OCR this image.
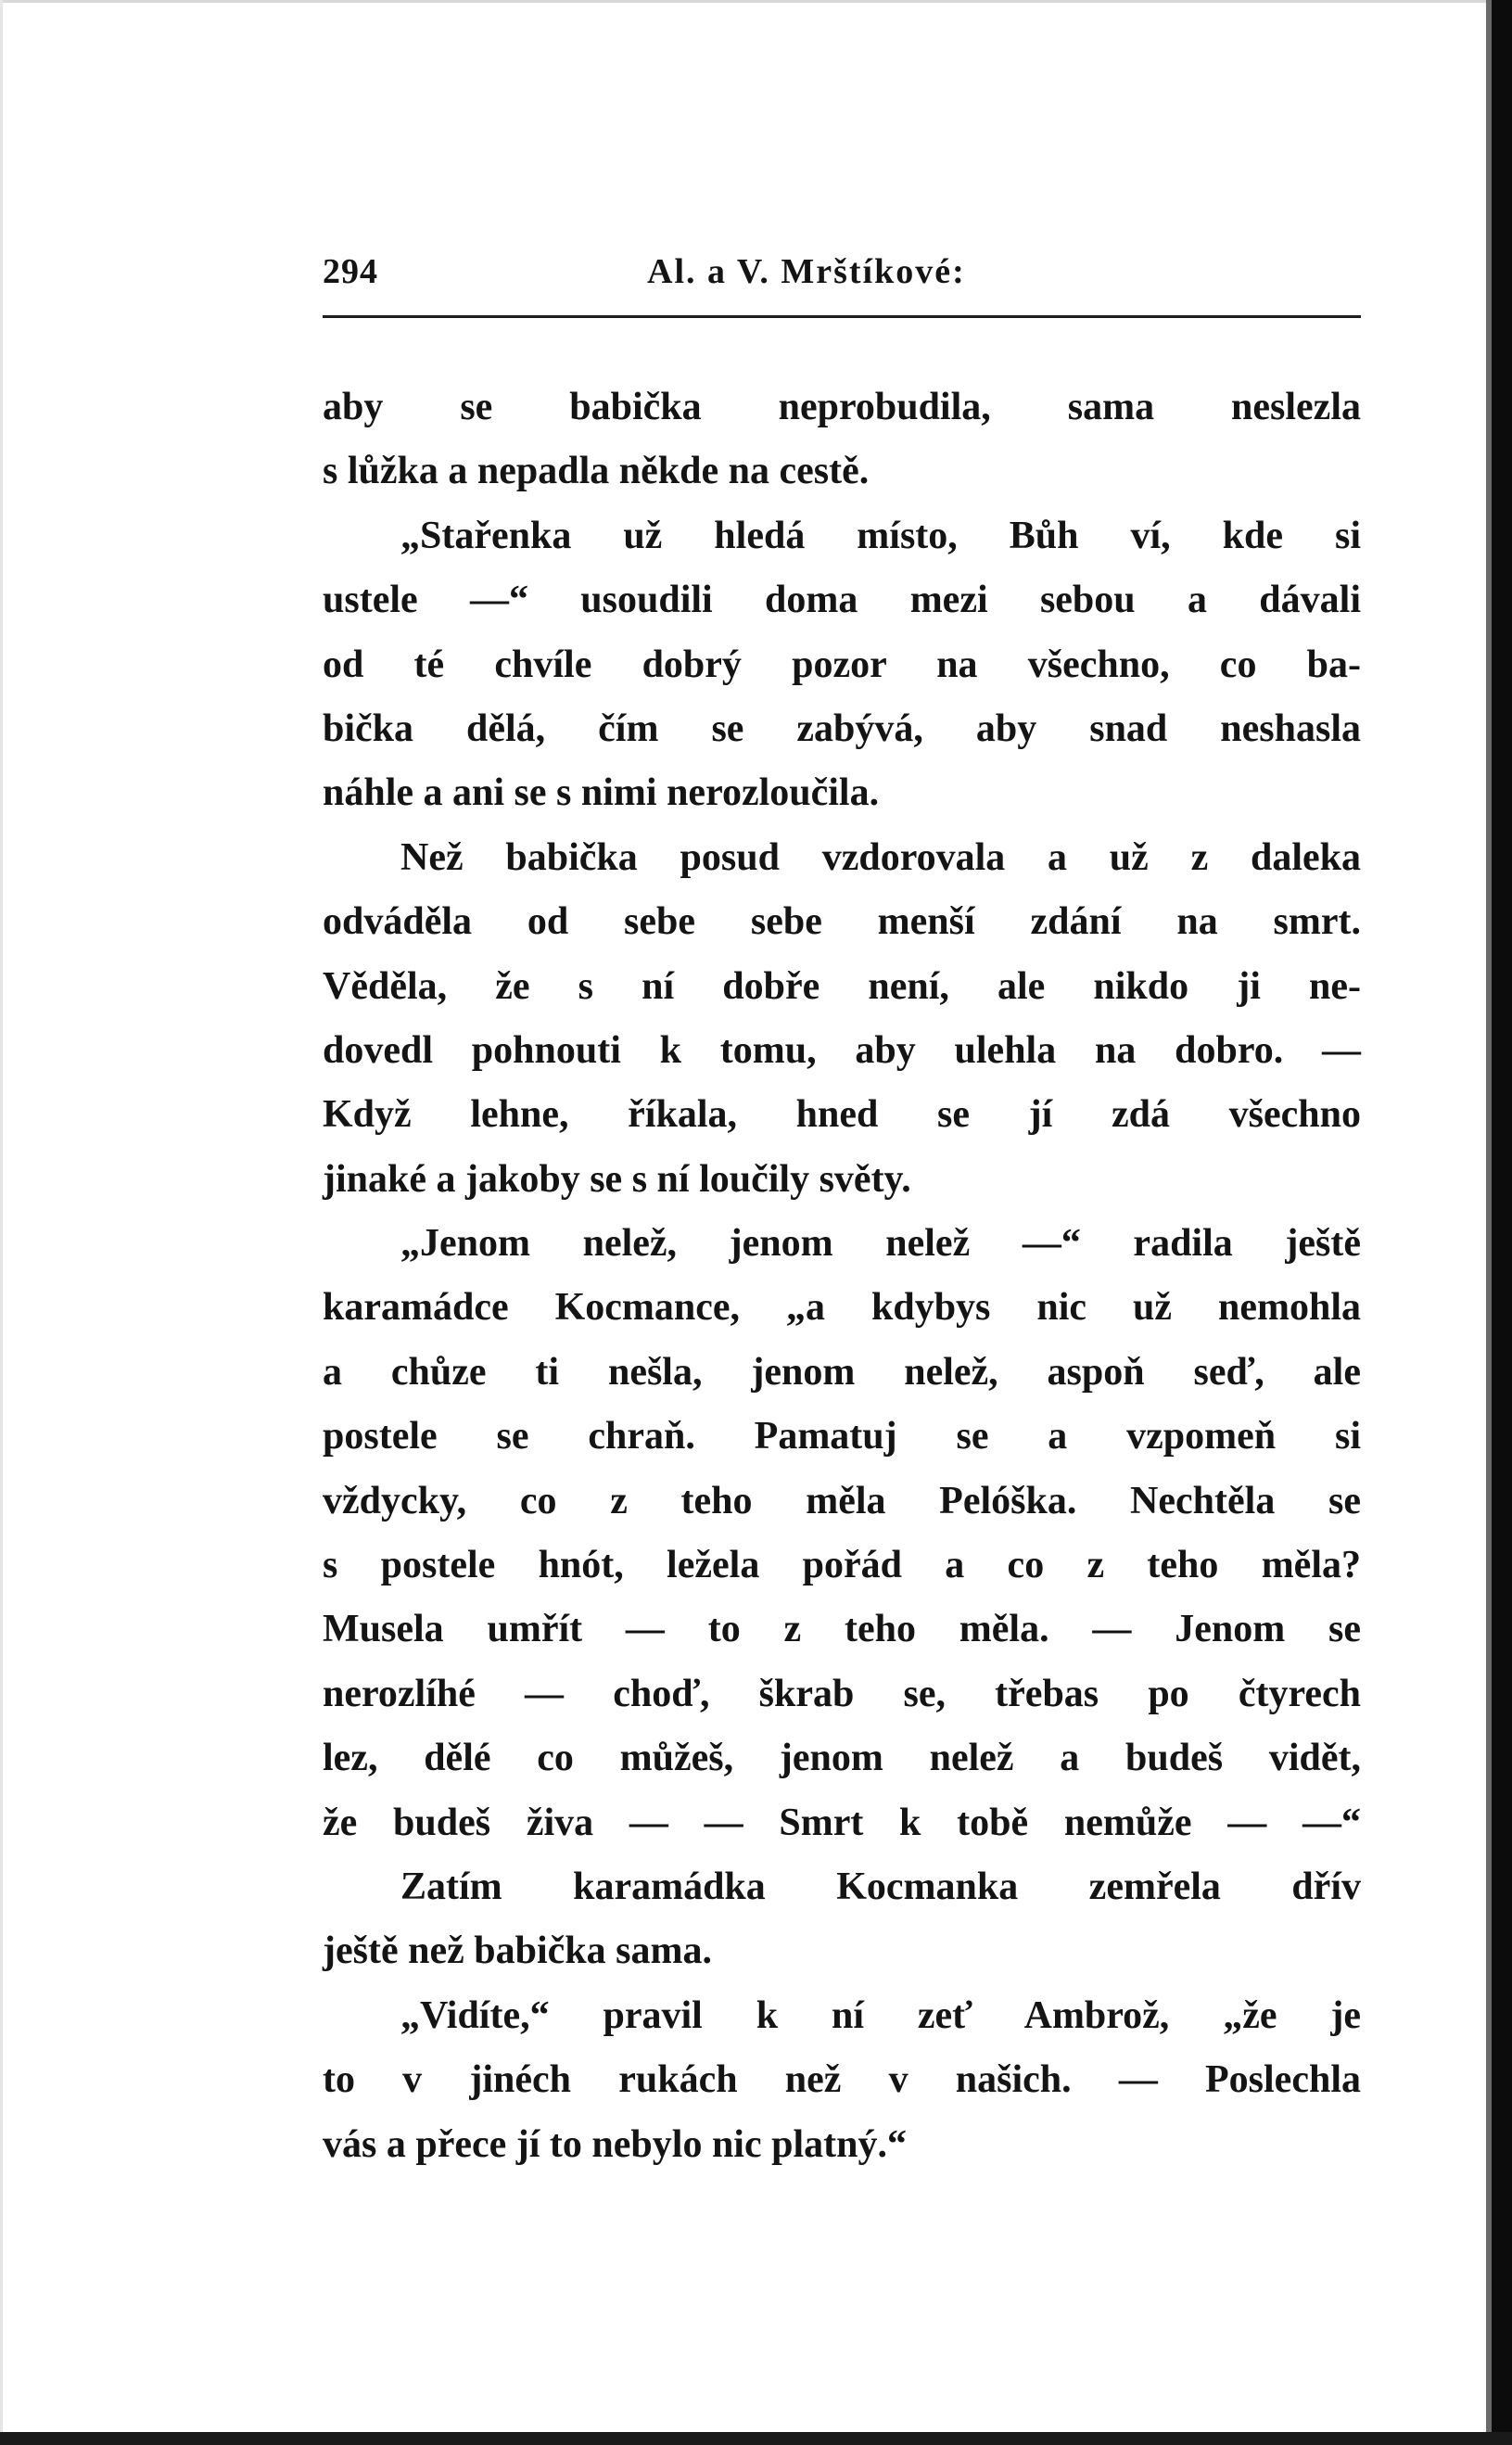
294	Al. a V. Mrštíkové:
aby se babička neprobudila, sama neslezla
s lůžka a nepadla někde na cestě.
„Stařenka už hledá místo, Bůh ví, kde si
ustele —“ usoudili doma mezi sebou a dávali
od té chvíle dobrý pozor na všechno, co ba-
bička dělá, čím se zabývá, aby snad neshasla
náhle a ani se s nimi nerozloučila.
Než babička posud vzdorovala a už z daleka
odváděla od sebe sebe menší zdání na smrt.
Věděla, že s ní dobře není, ale nikdo ji ne-
dovedl pohnouti k tomu, aby ulehla na dobro. —
Když lehne, říkala, hned se jí zdá všechno
jinaké a jakoby se s ní loučily světy.
„Jenom nelež, jenom nelež —“ radila ještě
karamádce Kocmance, „a kdybys nic už nemohla
a chůze ti nešla, jenom nelež, aspoň seď, ale
postele se chraň. Pamatuj se a vzpomeň si
vždycky, co z teho měla Pelóška. Nechtěla se
s postele hnót, ležela pořád a co z teho měla?
Musela umřít — to z teho měla. — Jenom se
nerozlíhé — choď, škrab se, třebas po čtyrech
lez, dělé co můžeš, jenom nelež a budeš vidět,
že budeš živa — — Smrt k tobě nemůže — —“
Zatím karamádka Kocmanka zemřela dřív
ještě než babička sama.
„Vidíte,“ pravil k ní zeť Ambrož, „že je
to v jinéch rukách než v našich. — Poslechla
vás a přece jí to nebylo nic platný.“
